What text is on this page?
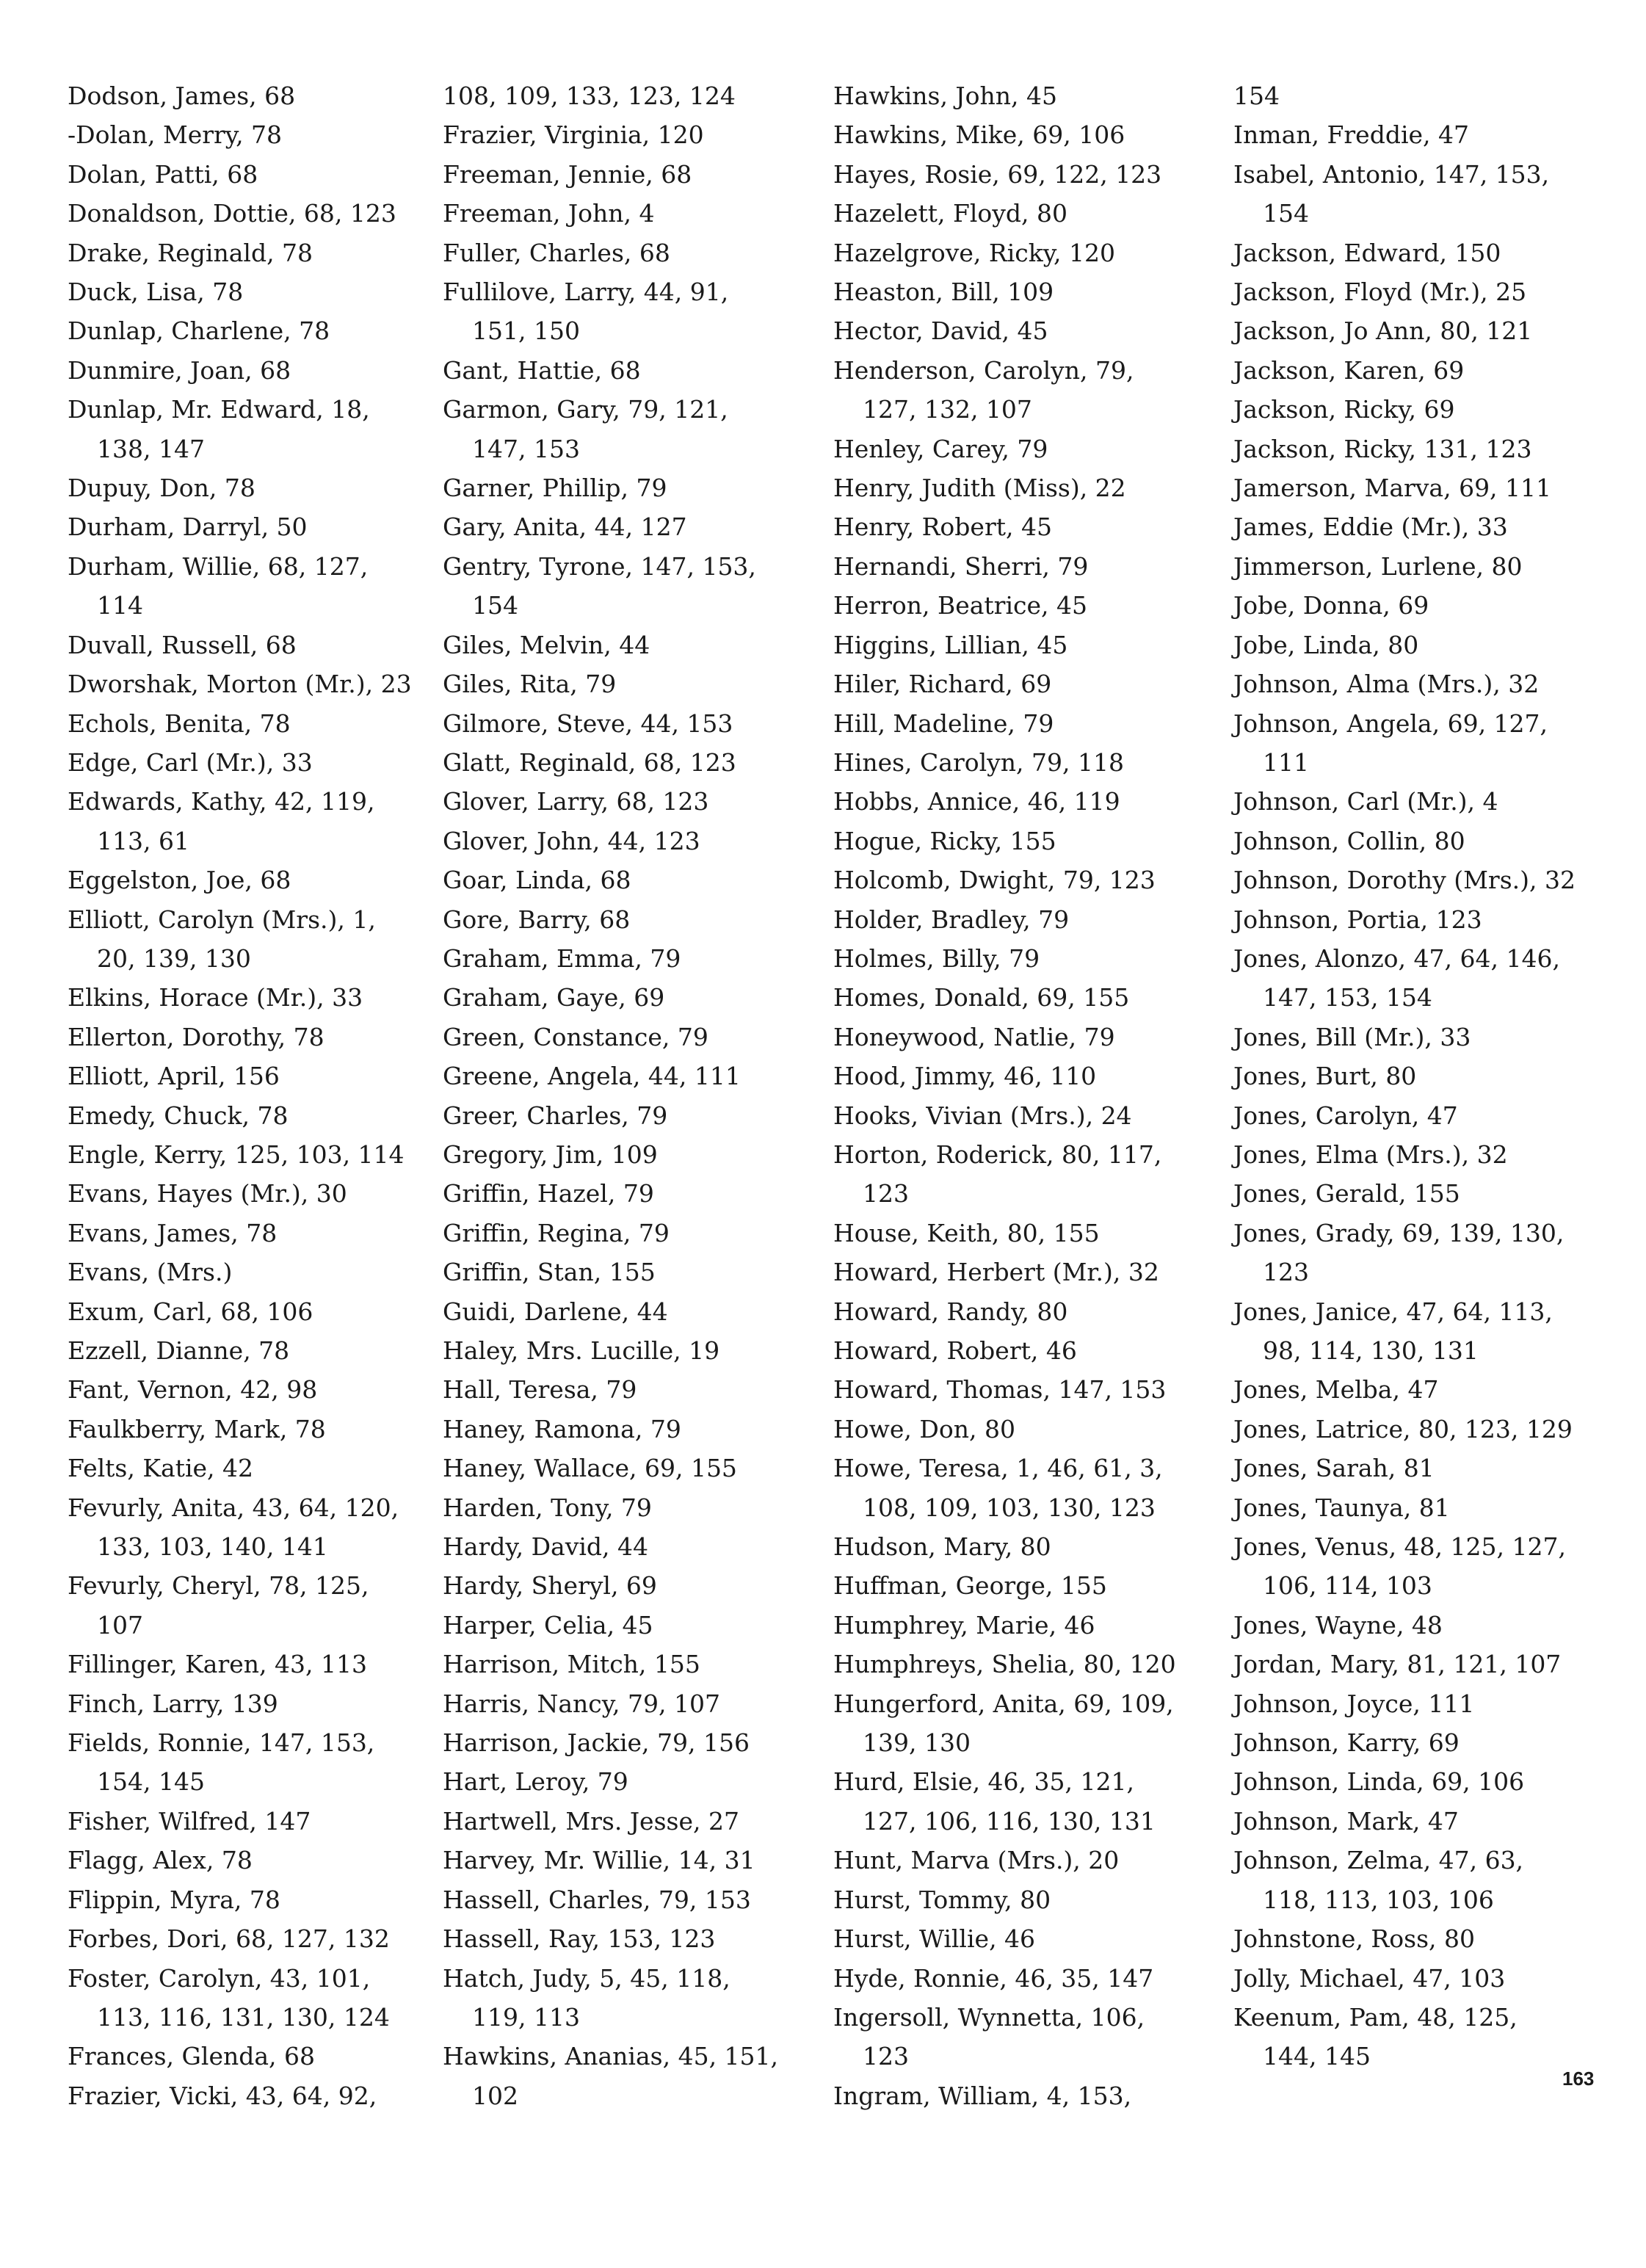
Dodson, James, 68
-Dolan, Merry, 78
Dolan, Patti, 68
Donaldson, Dottie, 68, 123
Drake, Reginald, 78
Duck, Lisa, 78
Dunlap, Charlene, 78
Dunmire, Joan, 68
Dunlap, Mr. Edward, 18, 138, 147
Dupuy, Don, 78
Durham, Darryl, 50
Durham, Willie, 68, 127, 114
Duvall, Russell, 68
Dworshak, Morton (Mr.), 23
Echols, Benita, 78
Edge, Carl (Mr.), 33
Edwards, Kathy, 42, 119, 113, 61
Eggelston, Joe, 68
Elliott, Carolyn (Mrs.), 1, 20, 139, 130
Elkins, Horace (Mr.), 33
Ellerton, Dorothy, 78
Elliott, April, 156
Emedy, Chuck, 78
Engle, Kerry, 125, 103, 114
Evans, Hayes (Mr.), 30
Evans, James, 78
Evans, (Mrs.)
Exum, Carl, 68, 106
Ezzell, Dianne, 78
Fant, Vernon, 42, 98
Faulkberry, Mark, 78
Felts, Katie, 42
Fevurly, Anita, 43, 64, 120, 133, 103, 140, 141
Fevurly, Cheryl, 78, 125, 107
Fillinger, Karen, 43, 113
Finch, Larry, 139
Fields, Ronnie, 147, 153, 154, 145
Fisher, Wilfred, 147
Flagg, Alex, 78
Flippin, Myra, 78
Forbes, Dori, 68, 127, 132
Foster, Carolyn, 43, 101, 113, 116, 131, 130, 124
Frances, Glenda, 68
Frazier, Vicki, 43, 64, 92,
108, 109, 133, 123, 124
Frazier, Virginia, 120
Freeman, Jennie, 68
Freeman, John, 4
Fuller, Charles, 68
Fullilove, Larry, 44, 91, 151, 150
Gant, Hattie, 68
Garmon, Gary, 79, 121, 147, 153
Garner, Phillip, 79
Gary, Anita, 44, 127
Gentry, Tyrone, 147, 153, 154
Giles, Melvin, 44
Giles, Rita, 79
Gilmore, Steve, 44, 153
Glatt, Reginald, 68, 123
Glover, Larry, 68, 123
Glover, John, 44, 123
Goar, Linda, 68
Gore, Barry, 68
Graham, Emma, 79
Graham, Gaye, 69
Green, Constance, 79
Greene, Angela, 44, 111
Greer, Charles, 79
Gregory, Jim, 109
Griffin, Hazel, 79
Griffin, Regina, 79
Griffin, Stan, 155
Guidi, Darlene, 44
Haley, Mrs. Lucille, 19
Hall, Teresa, 79
Haney, Ramona, 79
Haney, Wallace, 69, 155
Harden, Tony, 79
Hardy, David, 44
Hardy, Sheryl, 69
Harper, Celia, 45
Harrison, Mitch, 155
Harris, Nancy, 79, 107
Harrison, Jackie, 79, 156
Hart, Leroy, 79
Hartwell, Mrs. Jesse, 27
Harvey, Mr. Willie, 14, 31
Hassell, Charles, 79, 153
Hassell, Ray, 153, 123
Hatch, Judy, 5, 45, 118, 119, 113
Hawkins, Ananias, 45, 151, 102
Hawkins, John, 45
Hawkins, Mike, 69, 106
Hayes, Rosie, 69, 122, 123
Hazelett, Floyd, 80
Hazelgrove, Ricky, 120
Heaston, Bill, 109
Hector, David, 45
Henderson, Carolyn, 79, 127, 132, 107
Henley, Carey, 79
Henry, Judith (Miss), 22
Henry, Robert, 45
Hernandi, Sherri, 79
Herron, Beatrice, 45
Higgins, Lillian, 45
Hiler, Richard, 69
Hill, Madeline, 79
Hines, Carolyn, 79, 118
Hobbs, Annice, 46, 119
Hogue, Ricky, 155
Holcomb, Dwight, 79, 123
Holder, Bradley, 79
Holmes, Billy, 79
Homes, Donald, 69, 155
Honeywood, Natlie, 79
Hood, Jimmy, 46, 110
Hooks, Vivian (Mrs.), 24
Horton, Roderick, 80, 117, 123
House, Keith, 80, 155
Howard, Herbert (Mr.), 32
Howard, Randy, 80
Howard, Robert, 46
Howard, Thomas, 147, 153
Howe, Don, 80
Howe, Teresa, 1, 46, 61, 3, 108, 109, 103, 130, 123
Hudson, Mary, 80
Huffman, George, 155
Humphrey, Marie, 46
Humphreys, Shelia, 80, 120
Hungerford, Anita, 69, 109, 139, 130
Hurd, Elsie, 46, 35, 121, 127, 106, 116, 130, 131
Hunt, Marva (Mrs.), 20
Hurst, Tommy, 80
Hurst, Willie, 46
Hyde, Ronnie, 46, 35, 147
Ingersoll, Wynnetta, 106, 123
Ingram, William, 4, 153,
154
Inman, Freddie, 47
Isabel, Antonio, 147, 153, 154
Jackson, Edward, 150
Jackson, Floyd (Mr.), 25
Jackson, Jo Ann, 80, 121
Jackson, Karen, 69
Jackson, Ricky, 69
Jackson, Ricky, 131, 123
Jamerson, Marva, 69, 111
James, Eddie (Mr.), 33
Jimmerson, Lurlene, 80
Jobe, Donna, 69
Jobe, Linda, 80
Johnson, Alma (Mrs.), 32
Johnson, Angela, 69, 127, 111
Johnson, Carl (Mr.), 4
Johnson, Collin, 80
Johnson, Dorothy (Mrs.), 32
Johnson, Portia, 123
Jones, Alonzo, 47, 64, 146, 147, 153, 154
Jones, Bill (Mr.), 33
Jones, Burt, 80
Jones, Carolyn, 47
Jones, Elma (Mrs.), 32
Jones, Gerald, 155
Jones, Grady, 69, 139, 130, 123
Jones, Janice, 47, 64, 113, 98, 114, 130, 131
Jones, Melba, 47
Jones, Latrice, 80, 123, 129
Jones, Sarah, 81
Jones, Taunya, 81
Jones, Venus, 48, 125, 127, 106, 114, 103
Jones, Wayne, 48
Jordan, Mary, 81, 121, 107
Johnson, Joyce, 111
Johnson, Karry, 69
Johnson, Linda, 69, 106
Johnson, Mark, 47
Johnson, Zelma, 47, 63, 118, 113, 103, 106
Johnstone, Ross, 80
Jolly, Michael, 47, 103
Keenum, Pam, 48, 125, 144, 145
163
